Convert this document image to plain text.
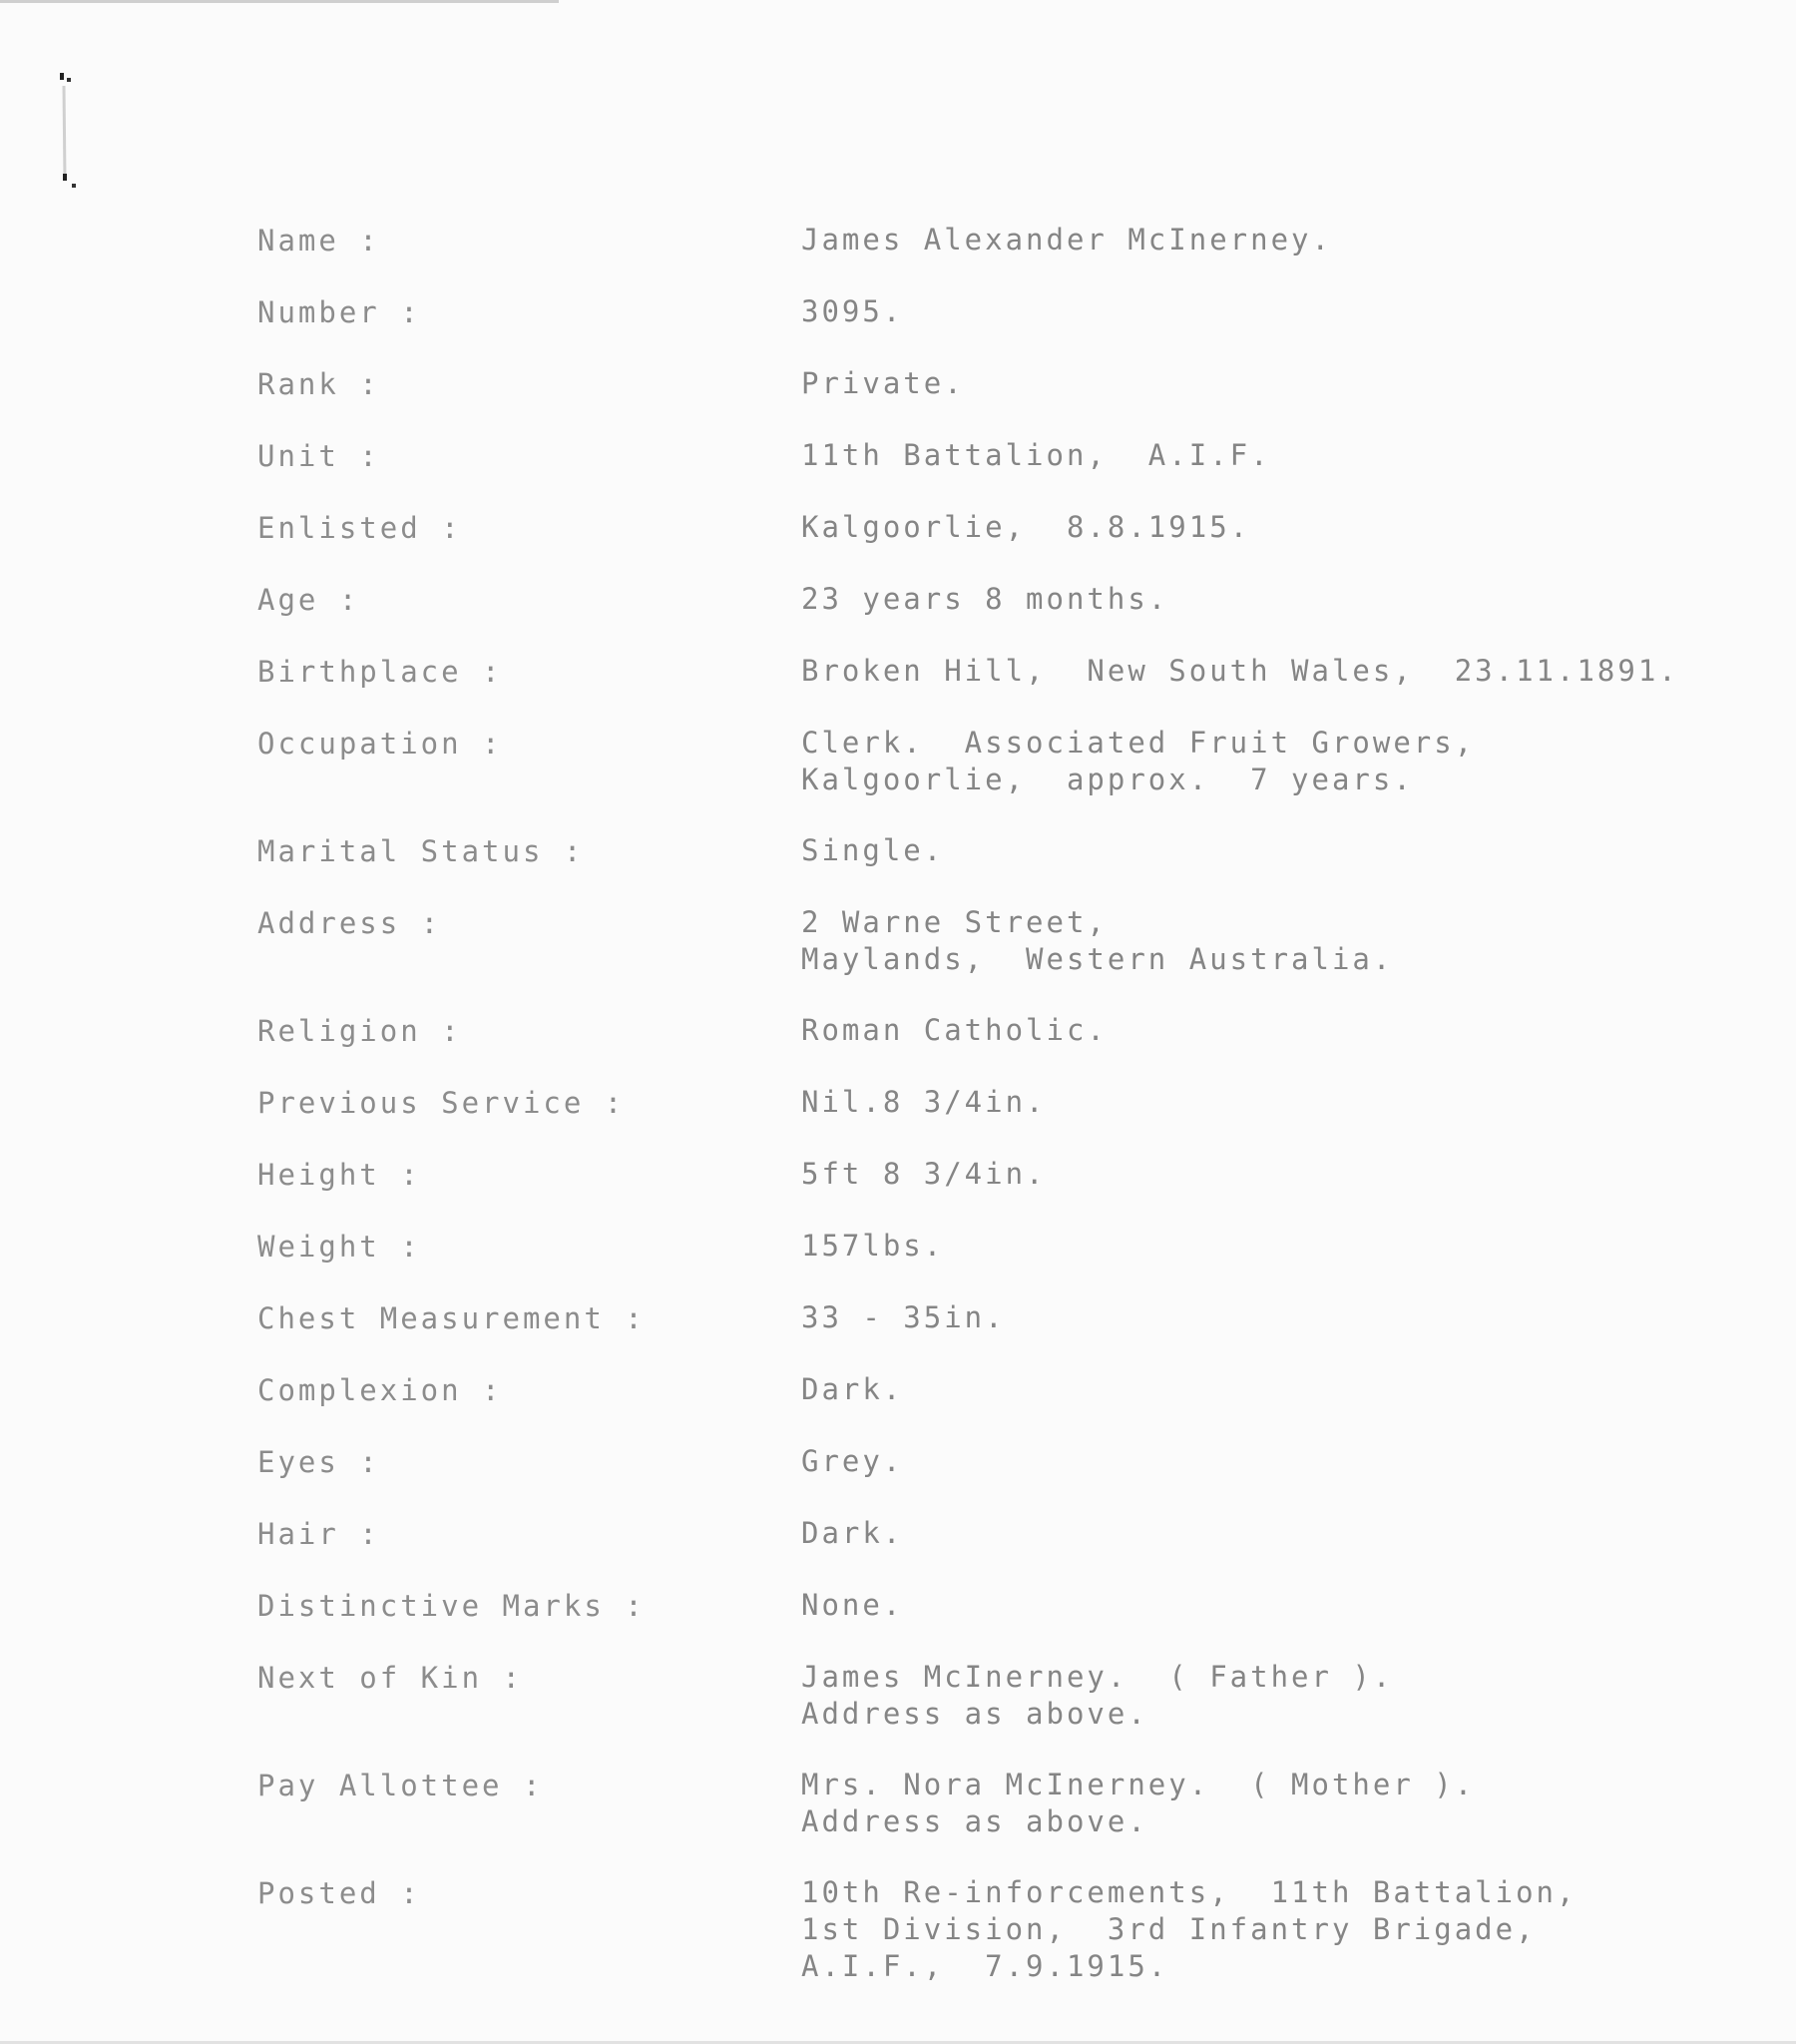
Name :	James Alexander McInerney.
Number :	3095.
Rank :	Private.
Unit :	11th Battalion,  A.I.F.
Enlisted :	Kalgoorlie,  8.8.1915.
Age :	23 years 8 months.
Birthplace :	Broken Hill,  New South Wales,  23.11.1891.
Occupation :	Clerk.  Associated Fruit Growers,
Kalgoorlie,  approx.  7 years.
Marital Status :	Single.
Address :	2 Warne Street,
Maylands,  Western Australia.
Religion :	Roman Catholic.
Previous Service :	Nil.8 3/4in.
Height :	5ft 8 3/4in.
Weight :	157lbs.
Chest Measurement :	33 - 35in.
Complexion :	Dark.
Eyes :	Grey.
Hair :	Dark.
Distinctive Marks :	None.
Next of Kin :	James McInerney.  ( Father ).
Address as above.
Pay Allottee :	Mrs. Nora McInerney.  ( Mother ).
Address as above.
Posted :	10th Re-inforcements,  11th Battalion,
1st Division,  3rd Infantry Brigade,
A.I.F.,  7.9.1915.
